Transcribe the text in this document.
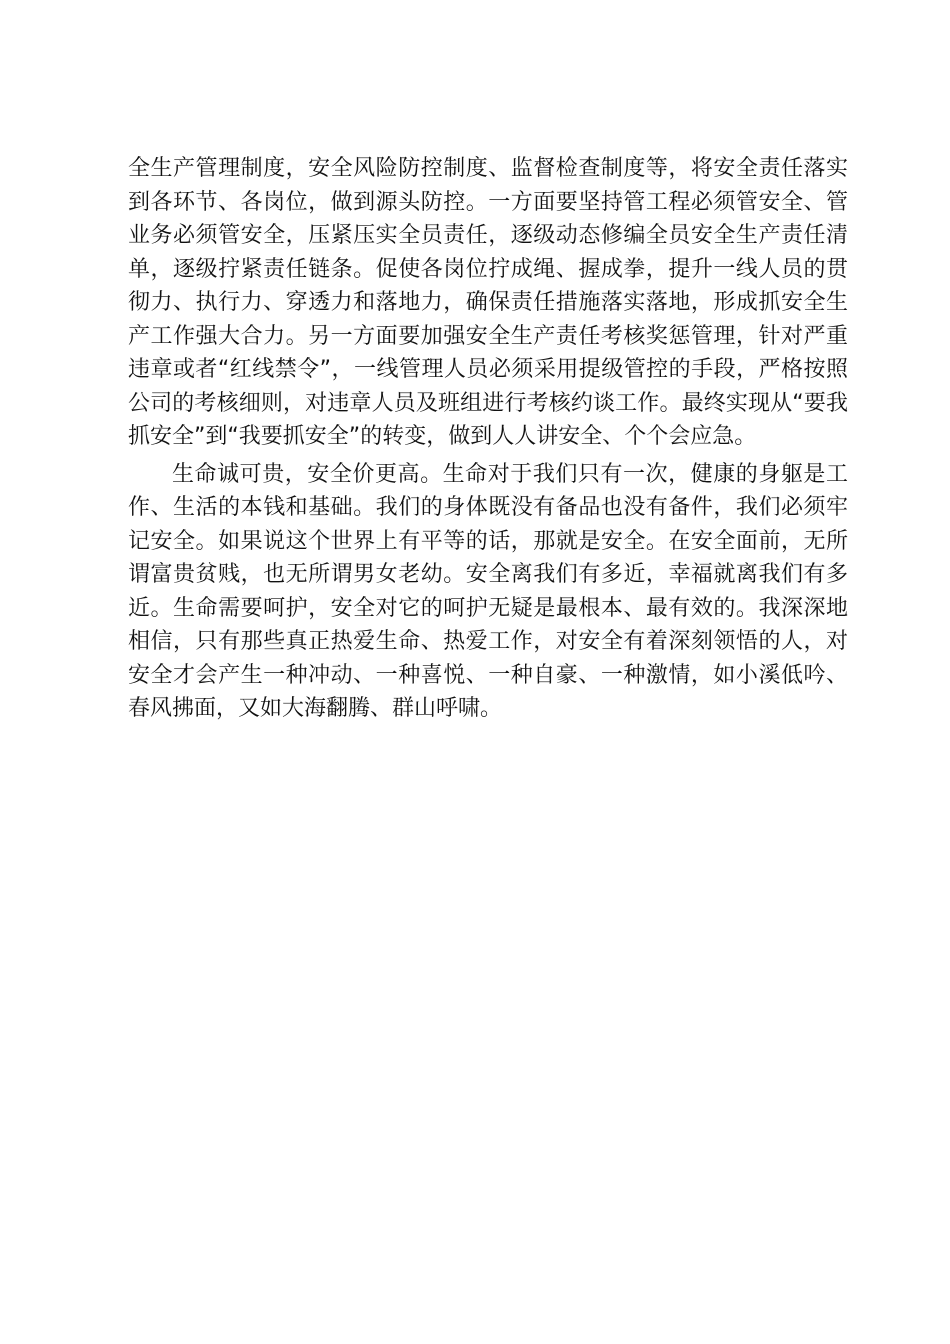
全生产管理制度，安全风险防控制度、监督检查制度等，将安全责任落实到各环节、各岗位，做到源头防控。一方面要坚持管工程必须管安全、管业务必须管安全，压紧压实全员责任，逐级动态修编全员安全生产责任清单，逐级拧紧责任链条。促使各岗位拧成绳、握成拳，提升一线人员的贯彻力、执行力、穿透力和落地力，确保责任措施落实落地，形成抓安全生产工作强大合力。另一方面要加强安全生产责任考核奖惩管理，针对严重违章或者“红线禁令”，一线管理人员必须采用提级管控的手段，严格按照公司的考核细则，对违章人员及班组进行考核约谈工作。最终实现从“要我抓安全”到“我要抓安全”的转变，做到人人讲安全、个个会应急。

生命诚可贵，安全价更高。生命对于我们只有一次，健康的身躯是工作、生活的本钱和基础。我们的身体既没有备品也没有备件，我们必须牢记安全。如果说这个世界上有平等的话，那就是安全。在安全面前，无所谓富贵贫贱，也无所谓男女老幼。安全离我们有多近，幸福就离我们有多近。生命需要呵护，安全对它的呵护无疑是最根本、最有效的。我深深地相信，只有那些真正热爱生命、热爱工作，对安全有着深刻领悟的人，对安全才会产生一种冲动、一种喜悦、一种自豪、一种激情，如小溪低吟、春风拂面，又如大海翻腾、群山呼啸。
